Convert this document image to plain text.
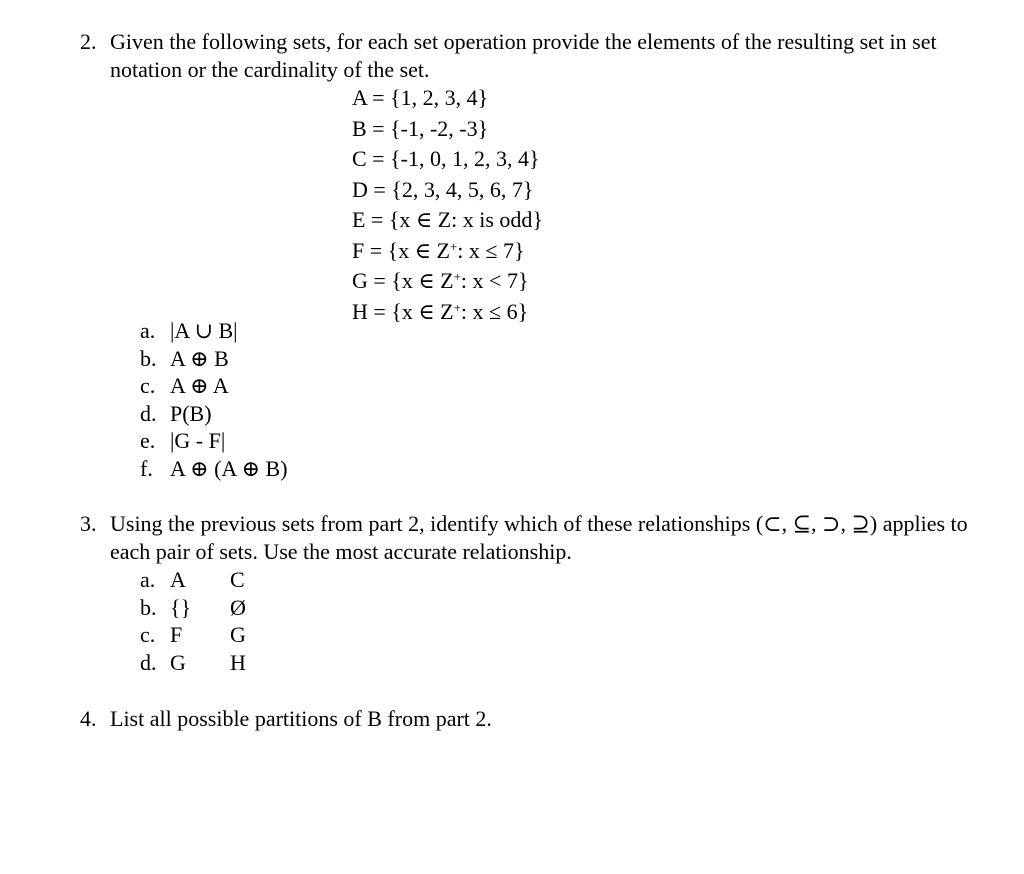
2. Given the following sets, for each set operation provide the elements of the resulting set in set notation or the cardinality of the set.
A = {1, 2, 3, 4}
B = {-1, -2, -3}
C = {-1, 0, 1, 2, 3, 4}
D = {2, 3, 4, 5, 6, 7}
E = {x ∈ Z: x is odd}
F = {x ∈ Z+: x ≤ 7}
G = {x ∈ Z+: x < 7}
H = {x ∈ Z+: x ≤ 6}
a. |A ∪ B|
b. A ⊕ B
c. A ⊕ A
d. P(B)
e. |G - F|
f. A ⊕ (A ⊕ B)
3. Using the previous sets from part 2, identify which of these relationships (⊂, ⊆, ⊃, ⊇) applies to each pair of sets. Use the most accurate relationship.
a. A C
b. {} Ø
c. F G
d. G H
4. List all possible partitions of B from part 2.
